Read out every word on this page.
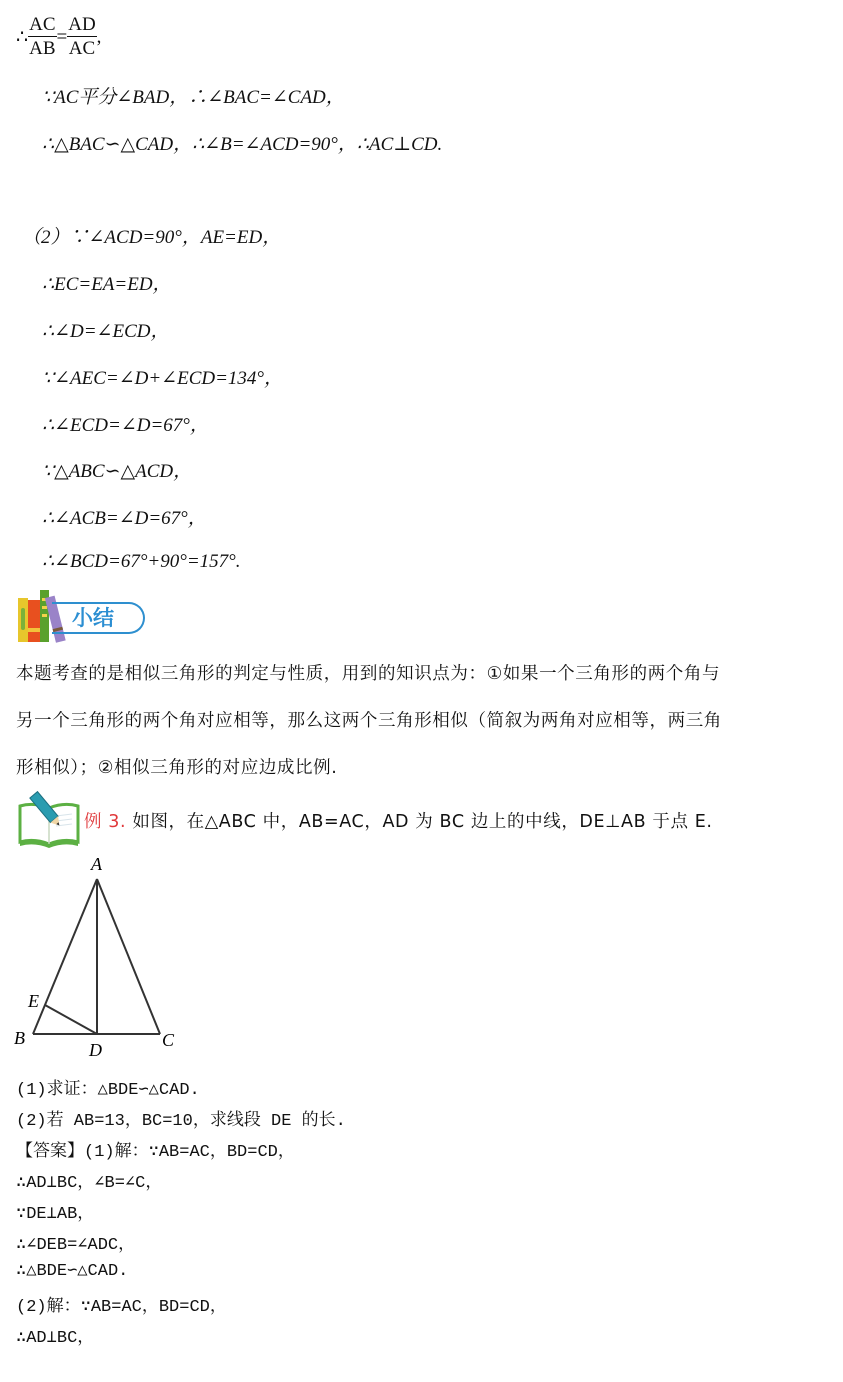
∴ $\frac{AC}{AB} = \frac{AD}{AC}$ ,
∵AC平分∠BAD，∴∠BAC=∠CAD，
∴△BAC∽△CAD，∴∠B=∠ACD=90°，∴AC⊥CD.
（2）∵∠ACD=90°，AE=ED，
∴EC=EA=ED，
∴∠D=∠ECD，
∵∠AEC=∠D+∠ECD=134°，
∴∠ECD=∠D=67°，
∵△ABC∽△ACD，
∴∠ACB=∠D=67°，
∴∠BCD=67°+90°=157°.
小结
本题考查的是相似三角形的判定与性质，用到的知识点为：①如果一个三角形的两个角与
另一个三角形的两个角对应相等，那么这两个三角形相似（简叙为两角对应相等，两三角
形相似）；②相似三角形的对应边成比例.
例 3. 如图，在△ABC 中，AB=AC，AD 为 BC 边上的中线，DE⊥AB 于点 E.
A
B	C
D
E
(1)求证：△BDE∽△CAD.
(2)若 AB=13，BC=10，求线段 DE 的长.
【答案】(1)解：∵AB=AC，BD=CD，
∴AD⊥BC，∠B=∠C，
∵DE⊥AB，
∴∠DEB=∠ADC，
∴△BDE∽△CAD.
(2)解：∵AB=AC，BD=CD，
∴AD⊥BC，
